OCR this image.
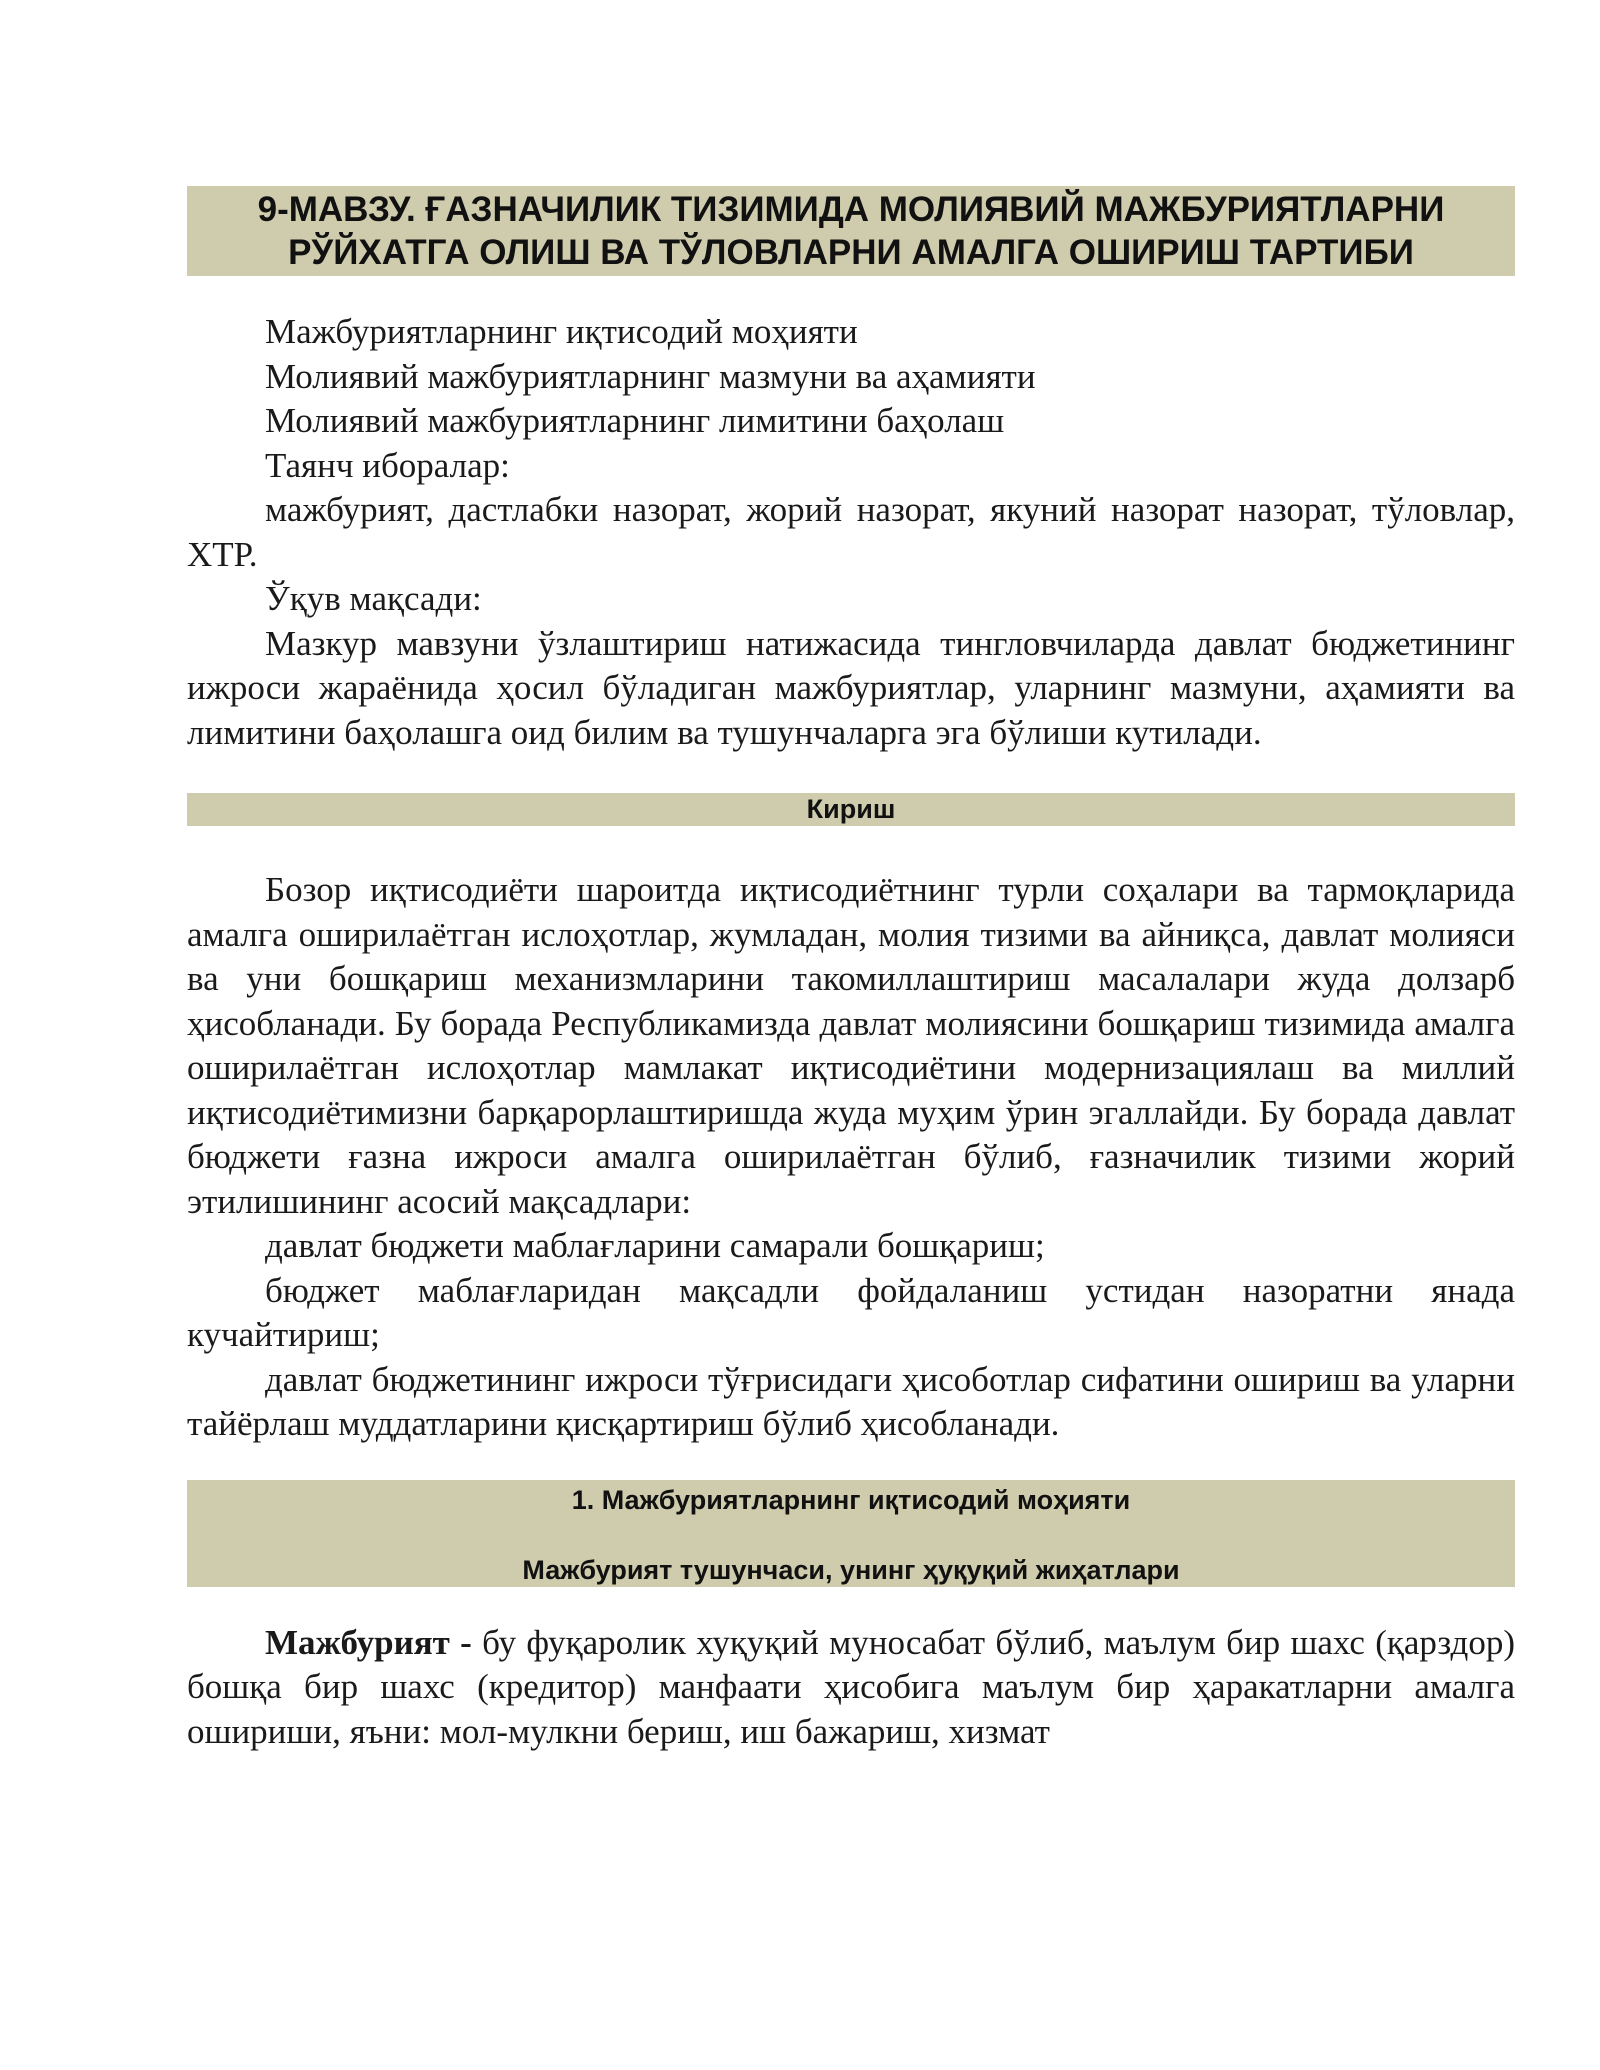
9-МАВЗУ. ҒАЗНАЧИЛИК ТИЗИМИДА МОЛИЯВИЙ МАЖБУРИЯТЛАРНИ
РЎЙХАТГА ОЛИШ ВА ТЎЛОВЛАРНИ АМАЛГА ОШИРИШ ТАРТИБИ

Мажбуриятларнинг иқтисодий моҳияти

Молиявий мажбуриятларнинг мазмуни ва аҳамияти

Молиявий мажбуриятларнинг лимитини баҳолаш

Таянч иборалар:

мажбурият, дастлабки назорат, жорий назорат, якуний назорат назорат, тўловлар, ХТР.

Ўқув мақсади:

Мазкур мавзуни ўзлаштириш натижасида тингловчиларда давлат бюджетининг ижроси жараёнида ҳосил бўладиган мажбуриятлар, уларнинг мазмуни, аҳамияти ва лимитини баҳолашга оид билим ва тушунчаларга эга бўлиши кутилади.

Кириш

Бозор иқтисодиёти шароитда иқтисодиётнинг турли соҳалари ва тармоқларида амалга оширилаётган ислоҳотлар, жумладан, молия тизими ва айниқса, давлат молияси ва уни бошқариш механизмларини такомиллаштириш масалалари жуда долзарб ҳисобланади. Бу борада Республикамизда давлат молиясини бошқариш тизимида амалга оширилаётган ислоҳотлар мамлакат иқтисодиётини модернизациялаш ва миллий иқтисодиётимизни барқарорлаштиришда жуда муҳим ўрин эгаллайди. Бу борада давлат бюджети ғазна ижроси амалга оширилаётган бўлиб, ғазначилик тизими жорий этилишининг асосий мақсадлари:

давлат бюджети маблағларини самарали бошқариш;

бюджет маблағларидан мақсадли фойдаланиш устидан назоратни янада кучайтириш;

давлат бюджетининг ижроси тўғрисидаги ҳисоботлар сифатини ошириш ва уларни тайёрлаш муддатларини қисқартириш бўлиб ҳисобланади.

1. Мажбуриятларнинг иқтисодий моҳияти
Мажбурият тушунчаси, унинг ҳуқуқий жиҳатлари

Мажбурият - бу фуқаролик хуқуқий муносабат бўлиб, маълум бир шахс (қарздор) бошқа бир шахс (кредитор) манфаати ҳисобига маълум бир ҳаракатларни амалга ошириши, яъни: мол-мулкни бериш, иш бажариш, хизмат
